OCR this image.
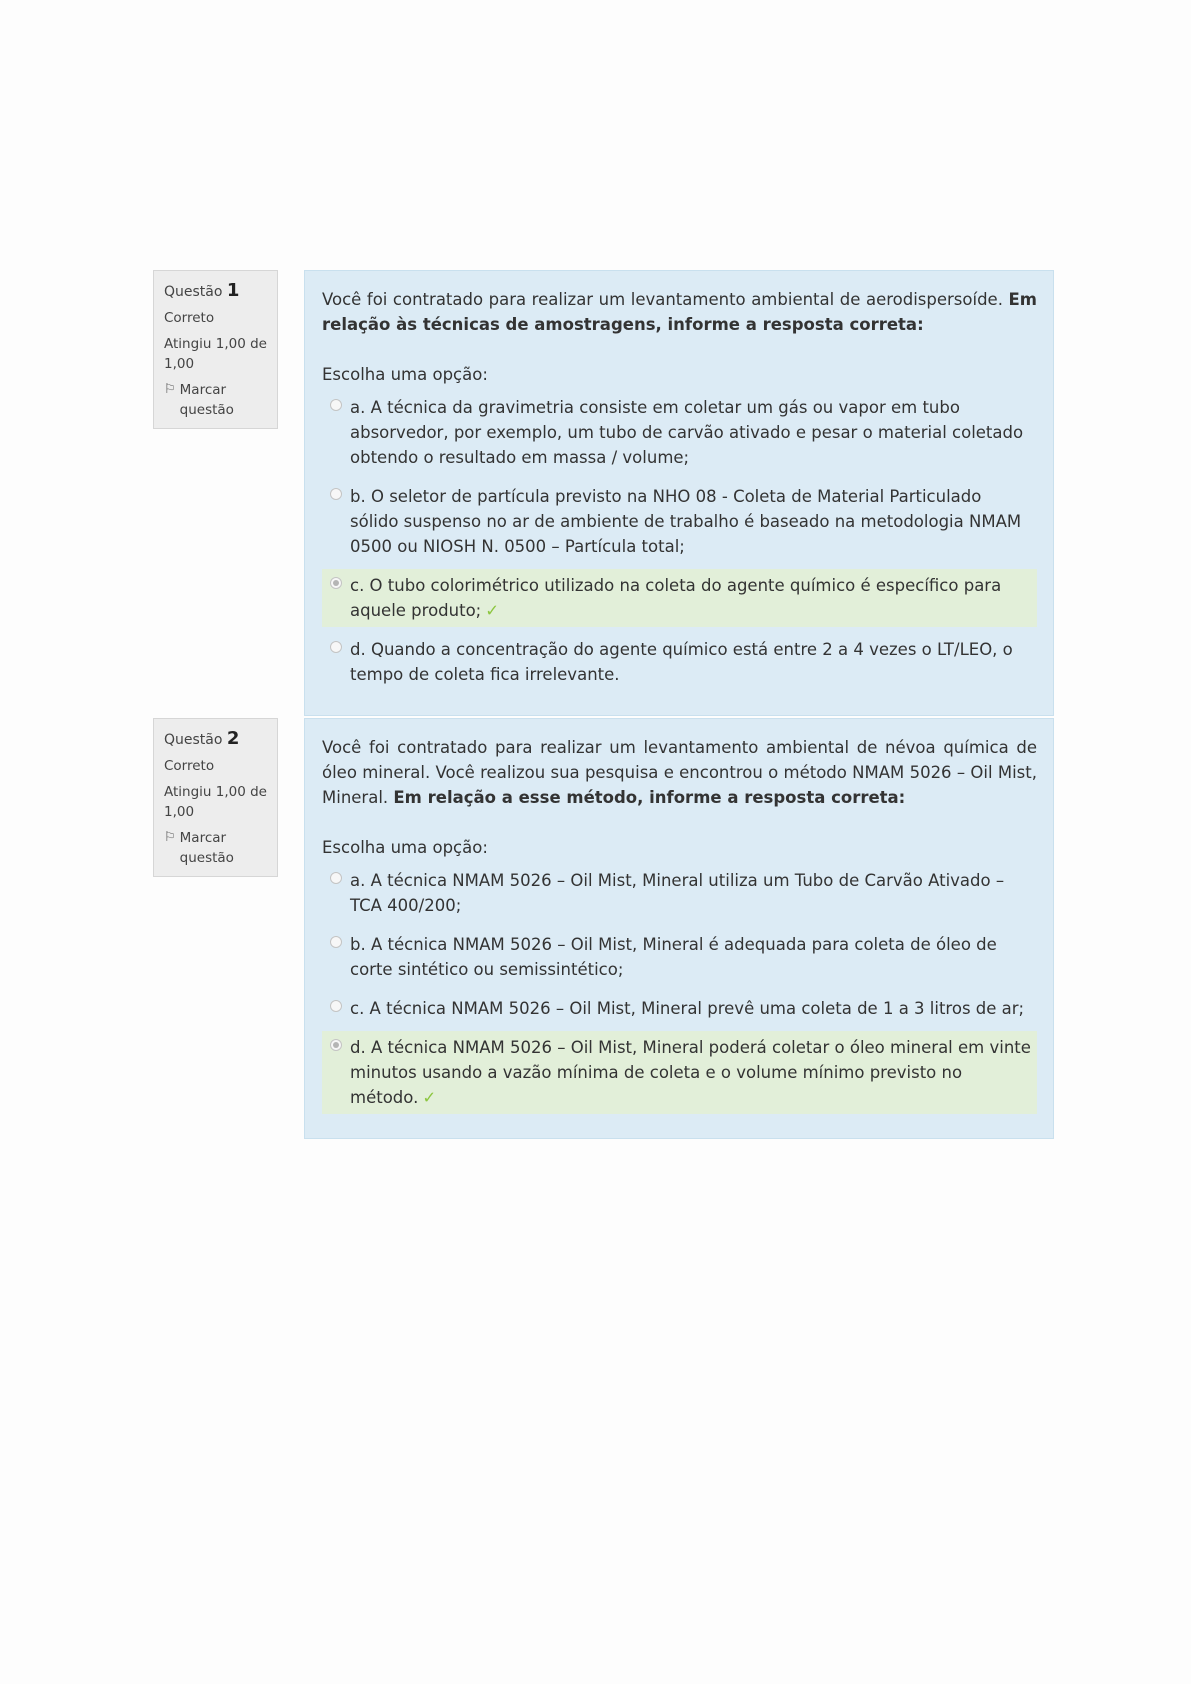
Questão 1
Correto
Atingiu 1,00 de 1,00
⚐ Marcar questão
Você foi contratado para realizar um levantamento ambiental de aerodispersoíde. Em relação às técnicas de amostragens, informe a resposta correta:
Escolha uma opção:
a. A técnica da gravimetria consiste em coletar um gás ou vapor em tubo absorvedor, por exemplo, um tubo de carvão ativado e pesar o material coletado obtendo o resultado em massa / volume;
b. O seletor de partícula previsto na NHO 08 - Coleta de Material Particulado sólido suspenso no ar de ambiente de trabalho é baseado na metodologia NMAM 0500 ou NIOSH N. 0500 – Partícula total;
c. O tubo colorimétrico utilizado na coleta do agente químico é específico para aquele produto; ✓
d. Quando a concentração do agente químico está entre 2 a 4 vezes o LT/LEO, o tempo de coleta fica irrelevante.
Questão 2
Correto
Atingiu 1,00 de 1,00
⚐ Marcar questão
Você foi contratado para realizar um levantamento ambiental de névoa química de óleo mineral. Você realizou sua pesquisa e encontrou o método NMAM 5026 – Oil Mist, Mineral. Em relação a esse método, informe a resposta correta:
Escolha uma opção:
a. A técnica NMAM 5026 – Oil Mist, Mineral utiliza um Tubo de Carvão Ativado – TCA 400/200;
b. A técnica NMAM 5026 – Oil Mist, Mineral é adequada para coleta de óleo de corte sintético ou semissintético;
c. A técnica NMAM 5026 – Oil Mist, Mineral prevê uma coleta de 1 a 3 litros de ar;
d. A técnica NMAM 5026 – Oil Mist, Mineral poderá coletar o óleo mineral em vinte minutos usando a vazão mínima de coleta e o volume mínimo previsto no método. ✓
